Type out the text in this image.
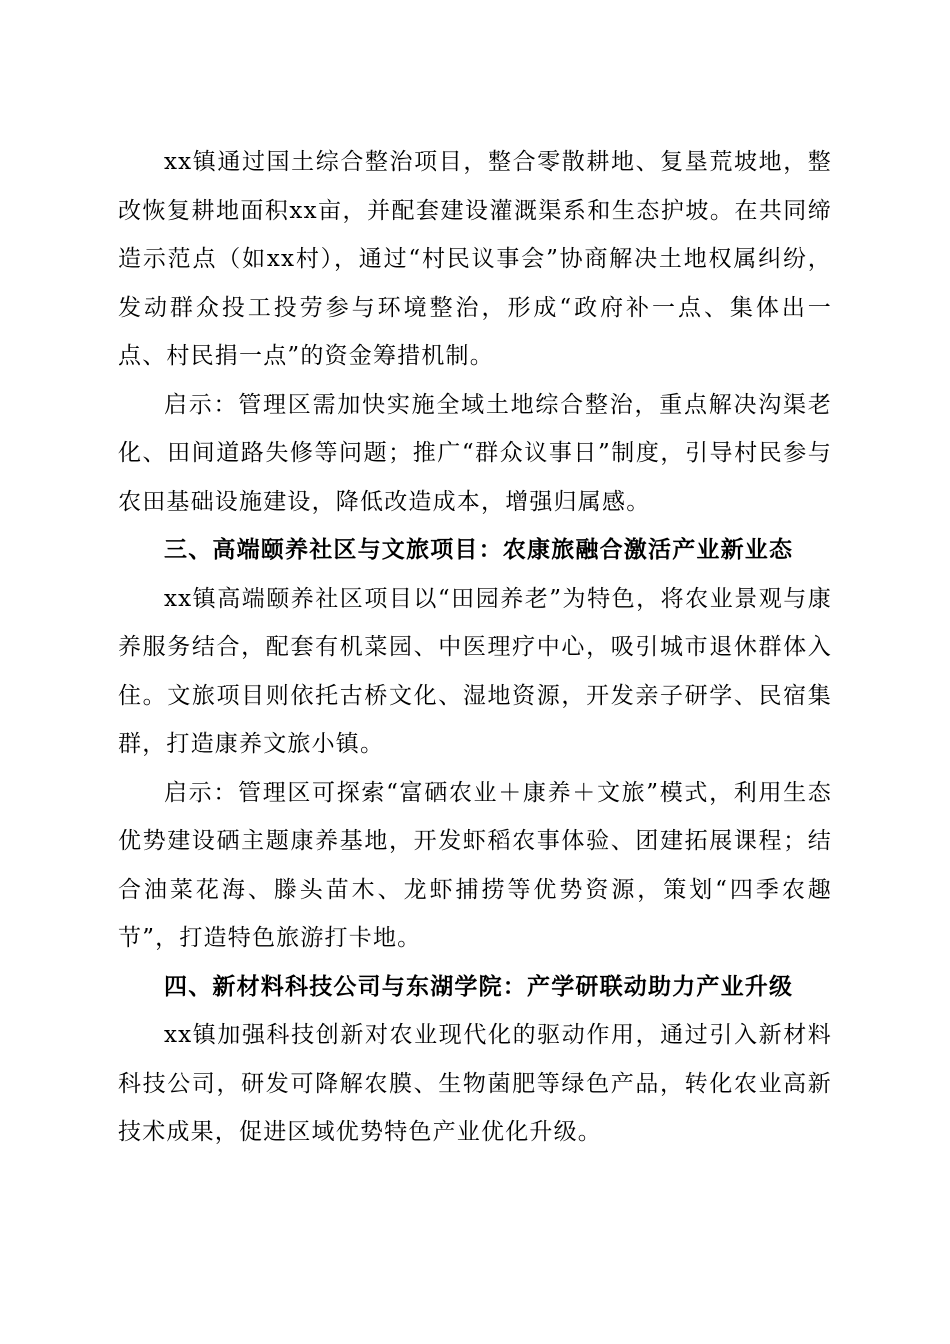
xx镇通过国土综合整治项目，整合零散耕地、复垦荒坡地，整改恢复耕地面积xx亩，并配套建设灌溉渠系和生态护坡。在共同缔造示范点（如xx村），通过“村民议事会”协商解决土地权属纠纷，发动群众投工投劳参与环境整治，形成“政府补一点、集体出一点、村民捐一点”的资金筹措机制。

启示：管理区需加快实施全域土地综合整治，重点解决沟渠老化、田间道路失修等问题；推广“群众议事日”制度，引导村民参与农田基础设施建设，降低改造成本，增强归属感。

三、高端颐养社区与文旅项目：农康旅融合激活产业新业态

xx镇高端颐养社区项目以“田园养老”为特色，将农业景观与康养服务结合，配套有机菜园、中医理疗中心，吸引城市退休群体入住。文旅项目则依托古桥文化、湿地资源，开发亲子研学、民宿集群，打造康养文旅小镇。

启示：管理区可探索“富硒农业＋康养＋文旅”模式，利用生态优势建设硒主题康养基地，开发虾稻农事体验、团建拓展课程；结合油菜花海、滕头苗木、龙虾捕捞等优势资源，策划“四季农趣节”，打造特色旅游打卡地。

四、新材料科技公司与东湖学院：产学研联动助力产业升级

xx镇加强科技创新对农业现代化的驱动作用，通过引入新材料科技公司，研发可降解农膜、生物菌肥等绿色产品，转化农业高新技术成果，促进区域优势特色产业优化升级。
